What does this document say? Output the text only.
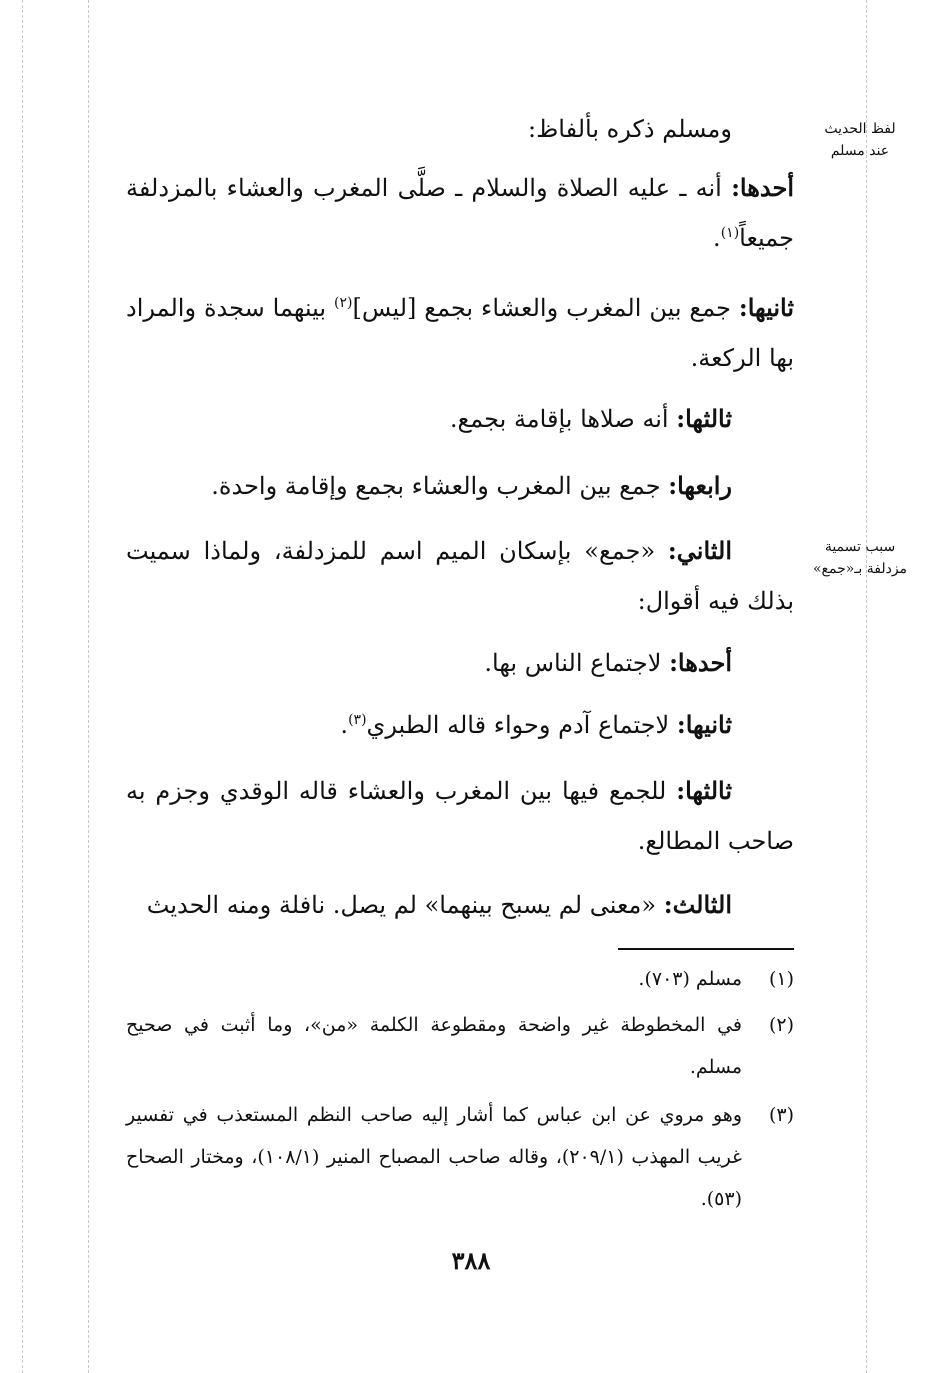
لفظ الحديث
عند مسلم
سبب تسمية
مزدلفة بـ«جمع»
ومسلم ذكره بألفاظ:
أحدها: أنه ـ عليه الصلاة والسلام ـ صلَّى المغرب والعشاء بالمزدلفة جميعاً$^{(١)}$.
ثانيها: جمع بين المغرب والعشاء بجمع [ليس]$^{(٢)}$ بينهما سجدة والمراد بها الركعة.
ثالثها: أنه صلاها بإقامة بجمع.
رابعها: جمع بين المغرب والعشاء بجمع وإقامة واحدة.
الثاني: «جمع» بإسكان الميم اسم للمزدلفة، ولماذا سميت بذلك فيه أقوال:
أحدها: لاجتماع الناس بها.
ثانيها: لاجتماع آدم وحواء قاله الطبري$^{(٣)}$.
ثالثها: للجمع فيها بين المغرب والعشاء قاله الوقدي وجزم به صاحب المطالع.
الثالث: «معنى لم يسبح بينهما» لم يصل. نافلة ومنه الحديث
(١)
مسلم (٧٠٣).
(٢)
في المخطوطة غير واضحة ومقطوعة الكلمة «من»، وما أثبت في صحيح مسلم.
(٣)
وهو مروي عن ابن عباس كما أشار إليه صاحب النظم المستعذب في تفسير غريب المهذب (٢٠٩/١)، وقاله صاحب المصباح المنير (١٠٨/١)، ومختار الصحاح (٥٣).
٣٨٨
